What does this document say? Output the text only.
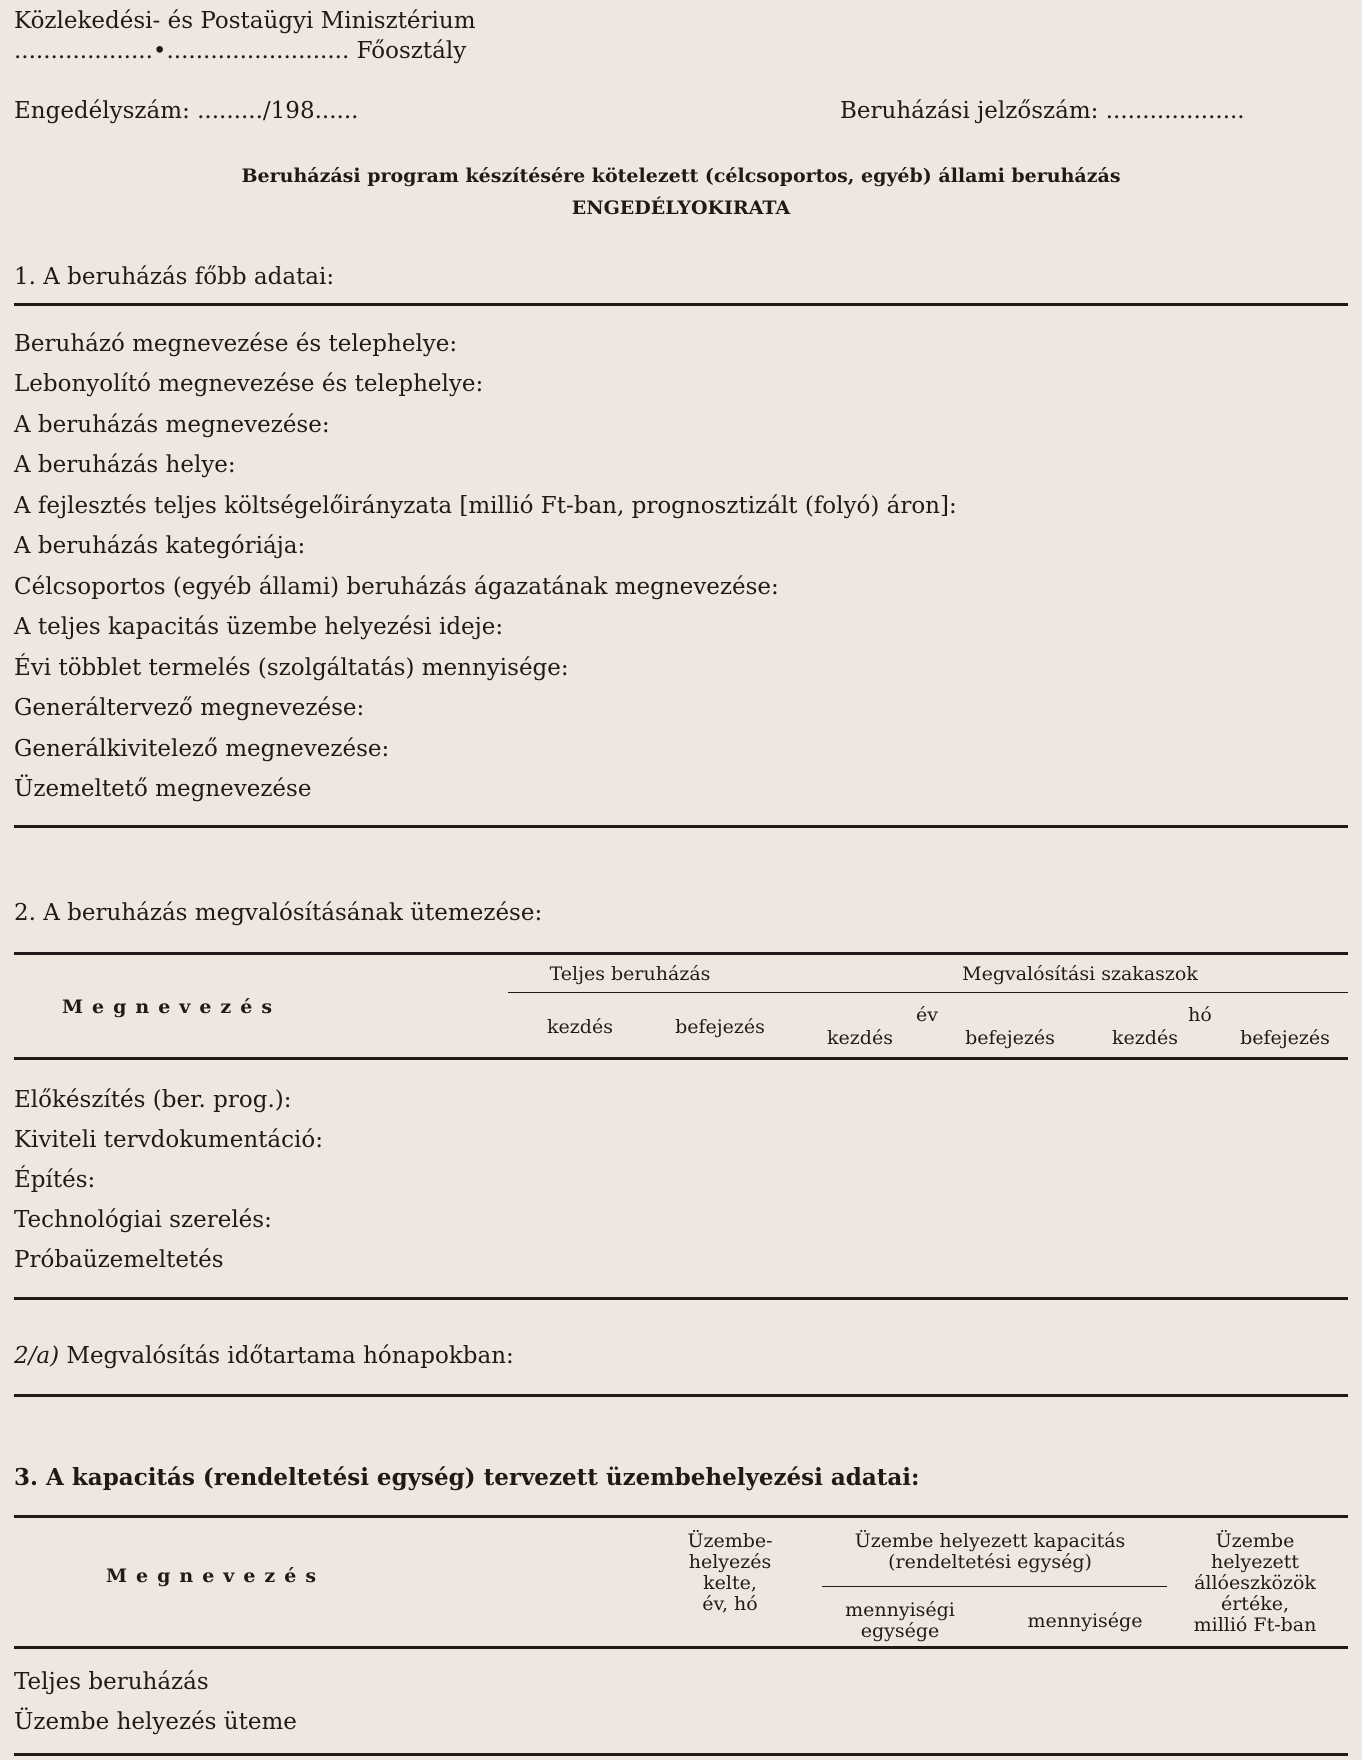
Közlekedési- és Postaügyi Minisztérium
...................•......................... Főosztály
Engedélyszám: ........./198......	Beruházási jelzőszám: ...................
Beruházási program készítésére kötelezett (célcsoportos, egyéb) állami beruházás
ENGEDÉLYOKIRATA
1. A beruházás főbb adatai:
Beruházó megnevezése és telephelye:
Lebonyolító megnevezése és telephelye:
A beruházás megnevezése:
A beruházás helye:
A fejlesztés teljes költségelőirányzata [millió Ft-ban, prognosztizált (folyó) áron]:
A beruházás kategóriája:
Célcsoportos (egyéb állami) beruházás ágazatának megnevezése:
A teljes kapacitás üzembe helyezési ideje:
Évi többlet termelés (szolgáltatás) mennyisége:
Generáltervező megnevezése:
Generálkivitelező megnevezése:
Üzemeltető megnevezése
2. A beruházás megvalósításának ütemezése:
Megnevezés
Teljes beruházás	Megvalósítási szakaszok
év	hó
kezdés	befejezés	kezdés	befejezés	kezdés	befejezés
Előkészítés (ber. prog.):
Kiviteli tervdokumentáció:
Építés:
Technológiai szerelés:
Próbaüzemeltetés
2/a) Megvalósítás időtartama hónapokban:
3. A kapacitás (rendeltetési egység) tervezett üzembehelyezési adatai:
Megnevezés
Üzembe-
helyezés
kelte,
év, hó
Üzembe helyezett kapacitás
(rendeltetési egység)
mennyiségi
egysége	mennyisége
Üzembe
helyezett
állóeszközök
értéke,
millió Ft-ban
Teljes beruházás
Üzembe helyezés üteme
